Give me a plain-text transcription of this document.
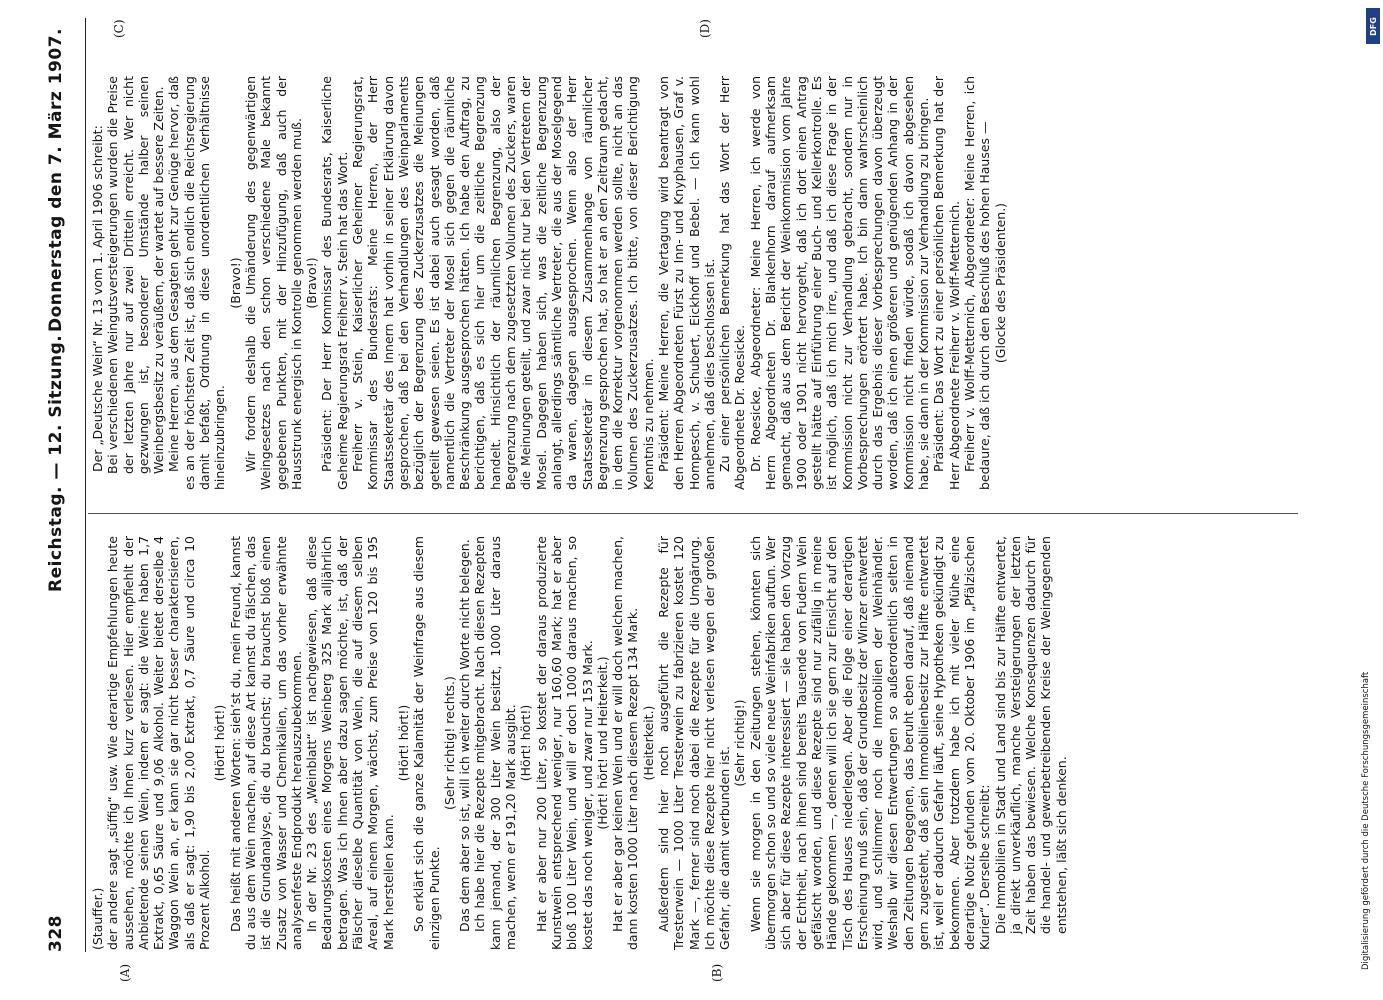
328
Reichstag. — 12. Sitzung.
Donnerstag den 7. März 1907.
(A)	(B)
(C)	(D)

(Stauffer.) der andere sagt „süffig“ usw. Wie derartige Empfehlungen heute aussehen, möchte ich Ihnen kurz verlesen. Hier empfiehlt der Anbietende seinen Wein, indem er sagt: die Weine haben 1,7 Extrakt, 0,65 Säure und 9,06 Alkohol. Weiter bietet derselbe 4 Waggon Wein an, er kann sie gar nicht besser charakterisieren, als daß er sagt: 1,90 bis 2,00 Extrakt, 0,7 Säure und circa 10 Prozent Alkohol.

(Hört! hört!) Das heißt mit anderen Worten: sieh’st du, mein Freund, kannst du aus dem Wein machen, auf diese Art kannst du fälschen, das ist die Grundanalyse, die du brauchst; du brauchst bloß einen Zusatz von Wasser und Chemikalien, um das vorher erwähnte analysenfeste Endprodukt herauszubekommen. In der Nr. 23 des „Weinblatt“ ist nachgewiesen, daß diese Bedarungskosten eines Morgens Weinberg 325 Mark alljährlich betragen. Was ich Ihnen aber dazu sagen möchte, ist, daß der Fälscher dieselbe Quantität von Wein, die auf diesem selben Areal, auf einem Morgen, wächst, zum Preise von 120 bis 195 Mark herstellen kann.

(Hört! hört!) So erklärt sich die ganze Kalamität der Weinfrage aus diesem einzigen Punkte.

(Sehr richtig! rechts.) Das dem aber so ist, will ich weiter durch Worte nicht belegen. Ich habe hier die Rezepte mitgebracht. Nach diesen Rezepten kann jemand, der 300 Liter Wein besitzt, 1000 Liter daraus machen, wenn er 191,20 Mark ausgibt. (Hört! hört!) Hat er aber nur 200 Liter, so kostet der daraus produzierte Kunstwein entsprechend weniger, nur 160,60 Mark; hat er aber bloß 100 Liter Wein, und will er doch 1000 daraus machen, so kostet das noch weniger, und zwar nur 153 Mark. (Hört! hört! und Heiterkeit.) Hat er aber gar keinen Wein und er will doch welchen machen, dann kosten 1000 Liter nach diesem Rezept 134 Mark. (Heiterkeit.) Außerdem sind hier noch ausgeführt die Rezepte für Tresterwein — 1000 Liter Tresterwein zu fabrizieren kostet 120 Mark —, ferner sind noch dabei die Rezepte für die Umgärung. Ich möchte diese Rezepte hier nicht verlesen wegen der großen Gefahr, die damit verbunden ist.

(Sehr richtig!) Wenn sie morgen in den Zeitungen stehen, könnten sich übermorgen schon so und so viele neue Weinfabriken auftun. Wer sich aber für diese Rezepte interessiert — sie haben den Vorzug der Echtheit, nach ihnen sind bereits Tausende von Fudern Wein gefälscht worden, und diese Rezepte sind nur zufällig in meine Hände gekommen —, denen will ich sie gern zur Einsicht auf den Tisch des Hauses niederlegen. Aber die Folge einer derartigen Erscheinung muß sein, daß der Grundbesitz der Winzer entwertet wird, und schlimmer noch die Immobilien der Weinhändler. Weshalb wir diesen Entwertungen so außerordentlich selten in den Zeitungen begegnen, das beruht eben darauf, daß niemand gern zugesteht, daß sein Immobilienbesitz zur Hälfte entwertet ist, weil er dadurch Gefahr läuft, seine Hypotheken gekündigt zu bekommen. Aber trotzdem habe ich mit vieler Mühe eine derartige Notiz gefunden vom 20. Oktober 1906 im „Pfälzischen Kurier“. Derselbe schreibt: Die Immobilien in Stadt und Land sind bis zur Hälfte entwertet, ja direkt unverkäuflich, manche Versteigerungen der letzten Zeit haben das bewiesen. Welche Konsequenzen dadurch für die handel- und gewerbetreibenden Kreise der Weingegenden entstehen, läßt sich denken.

Der „Deutsche Wein“ Nr. 13 vom 1. April 1906 schreibt: Bei verschiedenen Weingutsversteigerungen wurden die Preise der letzten Jahre nur auf zwei Dritteln erreicht. Wer nicht gezwungen ist, besonderer Umstände halber seinen Weinbergsbesitz zu veräußern, der wartet auf bessere Zeiten. Meine Herren, aus dem Gesagten geht zur Genüge hervor, daß es an der höchsten Zeit ist, daß sich endlich die Reichsregierung damit befaßt, Ordnung in diese unordentlichen Verhältnisse hineinzubringen.

(Bravo!) Wir fordern deshalb die Umänderung des gegenwärtigen Weingesetzes nach den schon verschiedene Male bekannt gegebenen Punkten, mit der Hinzufügung, daß auch der Hausstrunk energisch in Kontrolle genommen werden muß. (Bravo!) Präsident: Der Herr Kommissar des Bundesrats, Kaiserliche Geheime Regierungsrat Freiherr v. Stein hat das Wort. Freiherr v. Stein, Kaiserlicher Geheimer Regierungsrat, Kommissar des Bundesrats: Meine Herren, der Herr Staatssekretär des Innern hat vorhin in seiner Erklärung davon gesprochen, daß bei den Verhandlungen des Weinparlaments bezüglich der Begrenzung des Zuckerzusatzes die Meinungen geteilt gewesen seien. Es ist dabei auch gesagt worden, daß namentlich die Vertreter der Mosel sich gegen die räumliche Beschränkung ausgesprochen hätten. Ich habe den Auftrag, zu berichtigen, daß es sich hier um die zeitliche Begrenzung handelt. Hinsichtlich der räumlichen Begrenzung, also der Begrenzung nach dem zugesetzten Volumen des Zuckers, waren die Meinungen geteilt, und zwar nicht nur bei den Vertretern der Mosel. Dagegen haben sich, was die zeitliche Begrenzung anlangt, allerdings sämtliche Vertreter, die aus der Moselgegend da waren, dagegen ausgesprochen. Wenn also der Herr Staatssekretär in diesem Zusammenhange von räumlicher Begrenzung gesprochen hat, so hat er an den Zeitraum gedacht, in dem die Korrektur vorgenommen werden sollte, nicht an das Volumen des Zuckerzusatzes. Ich bitte, von dieser Berichtigung Kenntnis zu nehmen. Präsident: Meine Herren, die Vertagung wird beantragt von den Herren Abgeordneten Fürst zu Inn- und Knyphausen, Graf v. Hompesch, v. Schubert, Eickhoff und Bebel. — Ich kann wohl annehmen, daß dies beschlossen ist. Zu einer persönlichen Bemerkung hat das Wort der Herr Abgeordnete Dr. Roesicke. Dr. Roesicke, Abgeordneter: Meine Herren, ich werde von Herrn Abgeordneten Dr. Blankenhorn darauf aufmerksam gemacht, daß aus dem Bericht der Weinkommission vom Jahre 1900 oder 1901 nicht hervorgeht, daß ich dort einen Antrag gestellt hätte auf Einführung einer Buch- und Kellerkontrolle. Es ist möglich, daß ich mich irre, und daß ich diese Frage in der Kommission nicht zur Verhandlung gebracht, sondern nur in Vorbesprechungen erörtert habe. Ich bin dann wahrscheinlich durch das Ergebnis dieser Vorbesprechungen davon überzeugt worden, daß ich einen größeren und genügenden Anhang in der Kommission nicht finden würde, sodaß ich davon abgesehen habe, sie dann in der Kommission zur Verhandlung zu bringen. Präsident: Das Wort zu einer persönlichen Bemerkung hat der Herr Abgeordnete Freiherr v. Wolff-Metternich. Freiherr v. Wolff-Metternich, Abgeordneter: Meine Herren, ich bedaure, daß ich durch den Beschluß des hohen Hauses — (Glocke des Präsidenten.)

DFG
Digitalisierung gefördert durch die Deutsche Forschungsgemeinschaft
